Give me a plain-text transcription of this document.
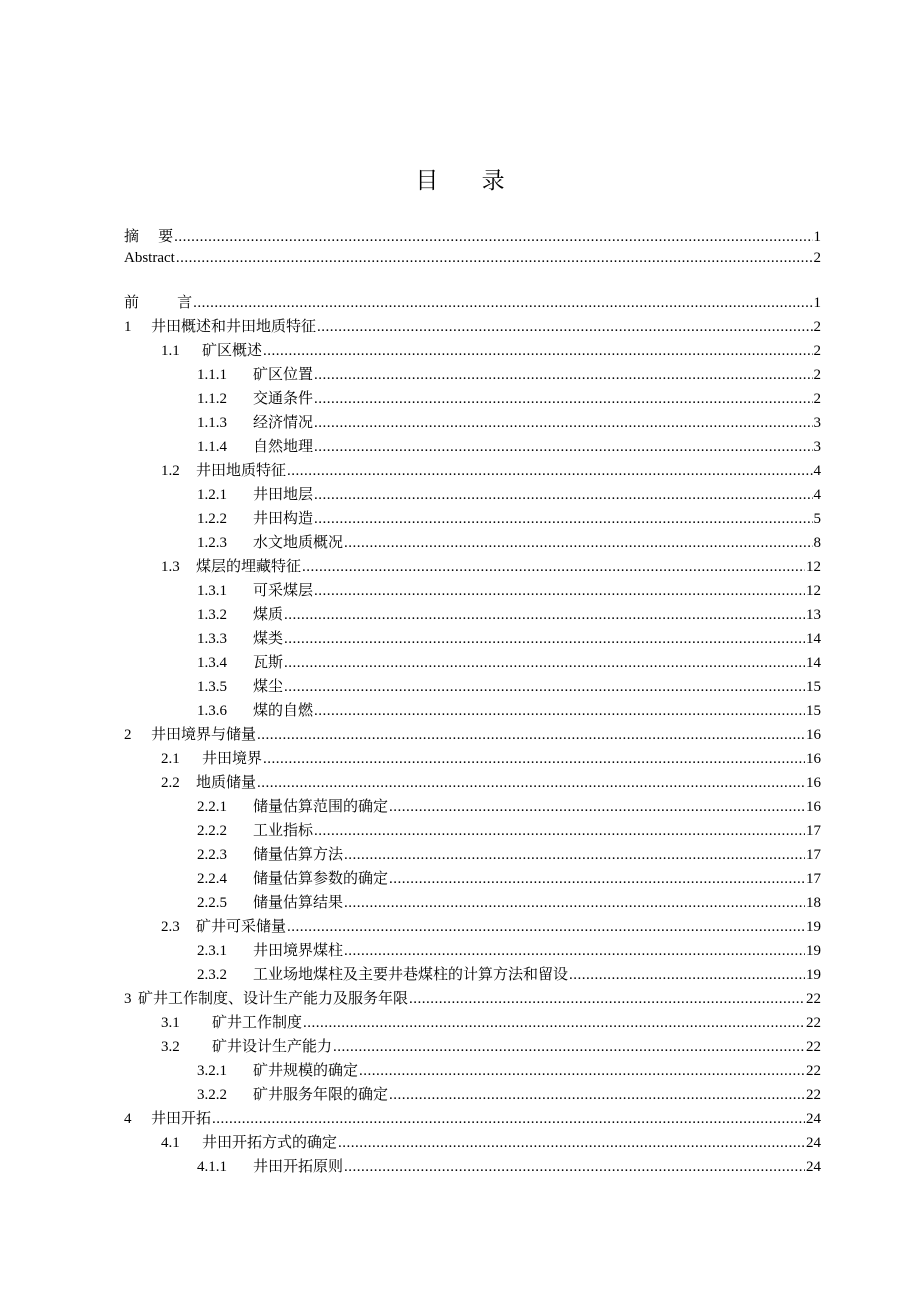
目 录
摘    要 .....	1
Abstract .....	2
前        言 .....	1
1	井田概述和井田地质特征 .....	2
1.1	矿区概述 .....	2
1.1.1	矿区位置 .....	2
1.1.2	交通条件 .....	2
1.1.3	经济情况 .....	3
1.1.4	自然地理 .....	3
1.2	井田地质特征 .....	4
1.2.1	井田地层 .....	4
1.2.2	井田构造 .....	5
1.2.3	水文地质概况 .....	8
1.3	煤层的埋藏特征 .....	12
1.3.1	可采煤层 .....	12
1.3.2	煤质 .....	13
1.3.3	煤类 .....	14
1.3.4	瓦斯 .....	14
1.3.5	煤尘 .....	15
1.3.6	煤的自燃 .....	15
2	井田境界与储量 .....	16
2.1	井田境界 .....	16
2.2	地质储量 .....	16
2.2.1	储量估算范围的确定 .....	16
2.2.2	工业指标 .....	17
2.2.3	储量估算方法 .....	17
2.2.4	储量估算参数的确定 .....	17
2.2.5	储量估算结果 .....	18
2.3	矿井可采储量 .....	19
2.3.1	井田境界煤柱 .....	19
2.3.2	工业场地煤柱及主要井巷煤柱的计算方法和留设 .....	19
3 矿井工作制度、设计生产能力及服务年限 .....	22
3.1	矿井工作制度 .....	22
3.2	矿井设计生产能力 .....	22
3.2.1	矿井规模的确定 .....	22
3.2.2	矿井服务年限的确定 .....	22
4	井田开拓 .....	24
4.1	井田开拓方式的确定 .....	24
4.1.1	井田开拓原则 .....	24
